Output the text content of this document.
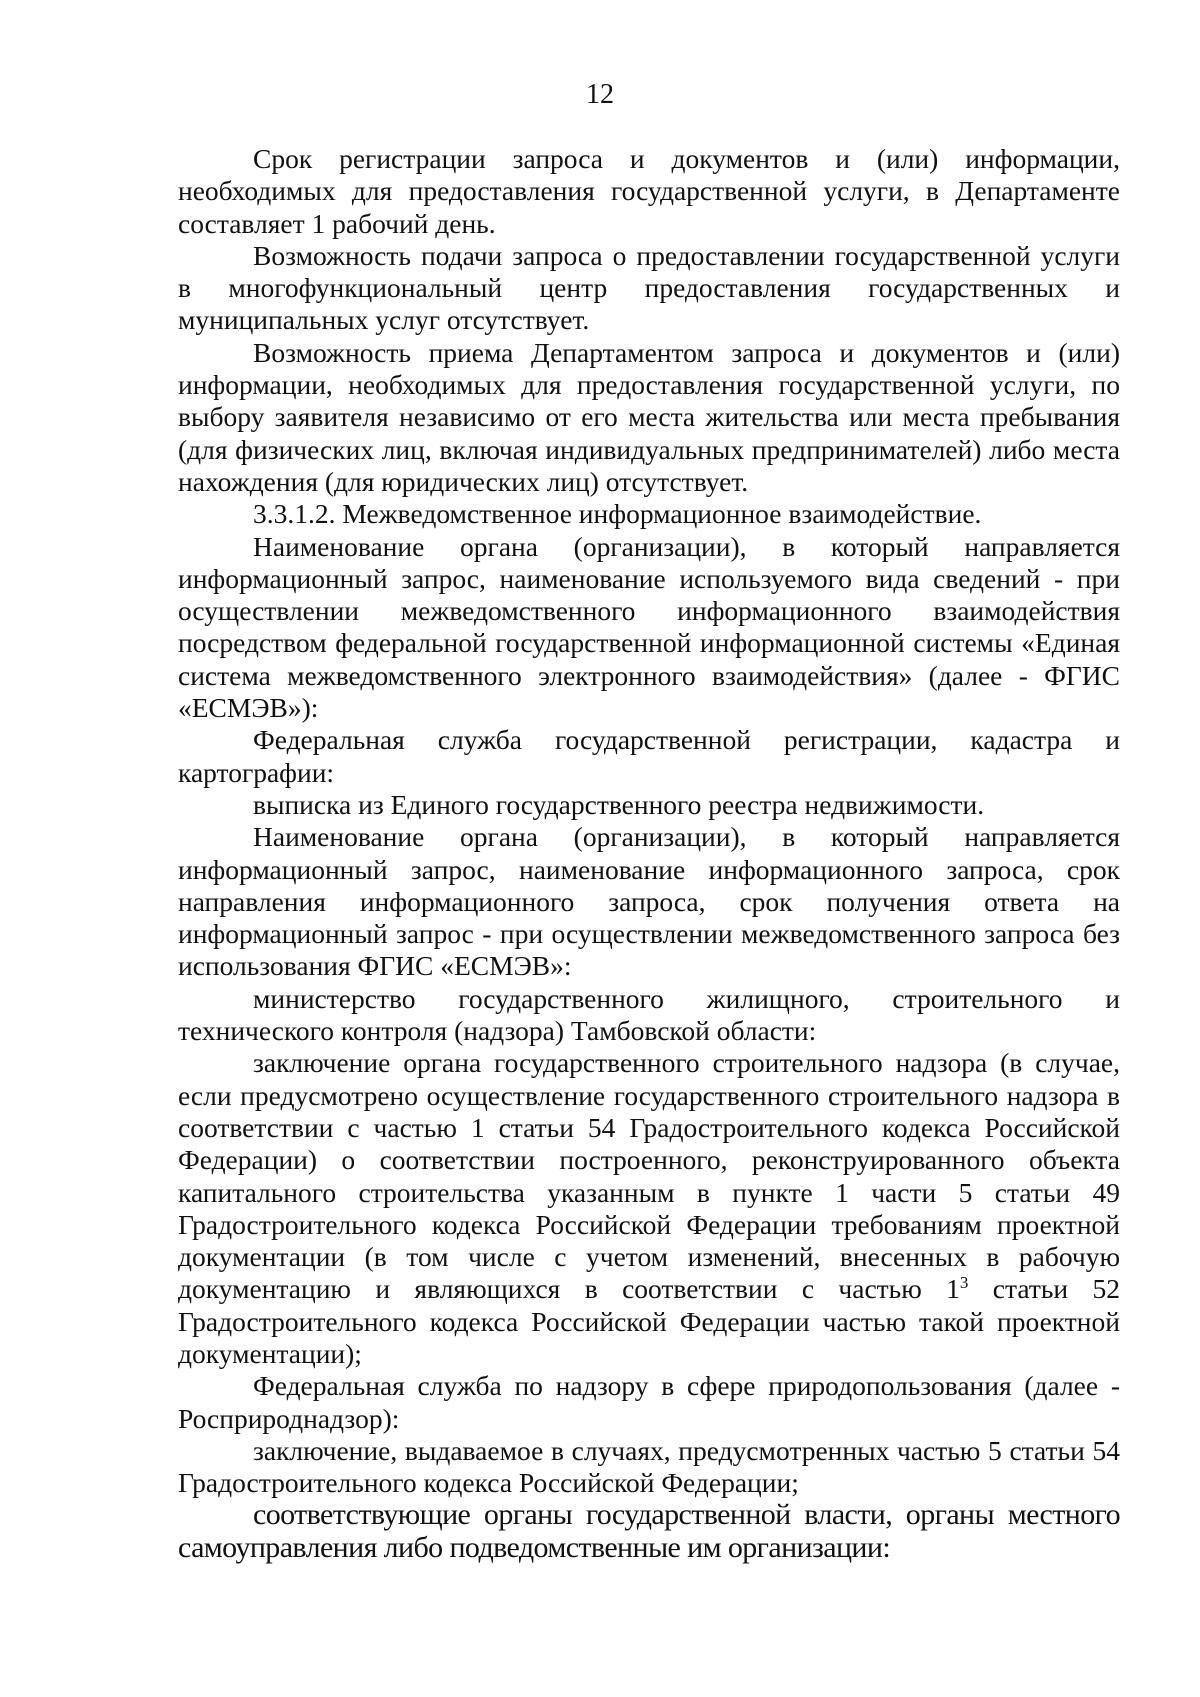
12

Срок регистрации запроса и документов и (или) информации, необходимых для предоставления государственной услуги, в Департаменте составляет 1 рабочий день.

Возможность подачи запроса о предоставлении государственной услуги в многофункциональный центр предоставления государственных и муниципальных услуг отсутствует.

Возможность приема Департаментом запроса и документов и (или) информации, необходимых для предоставления государственной услуги, по выбору заявителя независимо от его места жительства или места пребывания (для физических лиц, включая индивидуальных предпринимателей) либо места нахождения (для юридических лиц) отсутствует.

3.3.1.2. Межведомственное информационное взаимодействие.

Наименование органа (организации), в который направляется информационный запрос, наименование используемого вида сведений - при осуществлении межведомственного информационного взаимодействия посредством федеральной государственной информационной системы «Единая система межведомственного электронного взаимодействия» (далее - ФГИС «ЕСМЭВ»):

Федеральная служба государственной регистрации, кадастра и картографии:

выписка из Единого государственного реестра недвижимости.

Наименование органа (организации), в который направляется информационный запрос, наименование информационного запроса, срок направления информационного запроса, срок получения ответа на информационный запрос - при осуществлении межведомственного запроса без использования ФГИС «ЕСМЭВ»:

министерство государственного жилищного, строительного и технического контроля (надзора) Тамбовской области:

заключение органа государственного строительного надзора (в случае, если предусмотрено осуществление государственного строительного надзора в соответствии с частью 1 статьи 54 Градостроительного кодекса Российской Федерации) о соответствии построенного, реконструированного объекта капитального строительства указанным в пункте 1 части 5 статьи 49 Градостроительного кодекса Российской Федерации требованиям проектной документации (в том числе с учетом изменений, внесенных в рабочую документацию и являющихся в соответствии с частью $1^3$ статьи 52 Градостроительного кодекса Российской Федерации частью такой проектной документации);

Федеральная служба по надзору в сфере природопользования (далее - Росприроднадзор):

заключение, выдаваемое в случаях, предусмотренных частью 5 статьи 54 Градостроительного кодекса Российской Федерации;

соответствующие органы государственной власти, органы местного самоуправления либо подведомственные им организации:
